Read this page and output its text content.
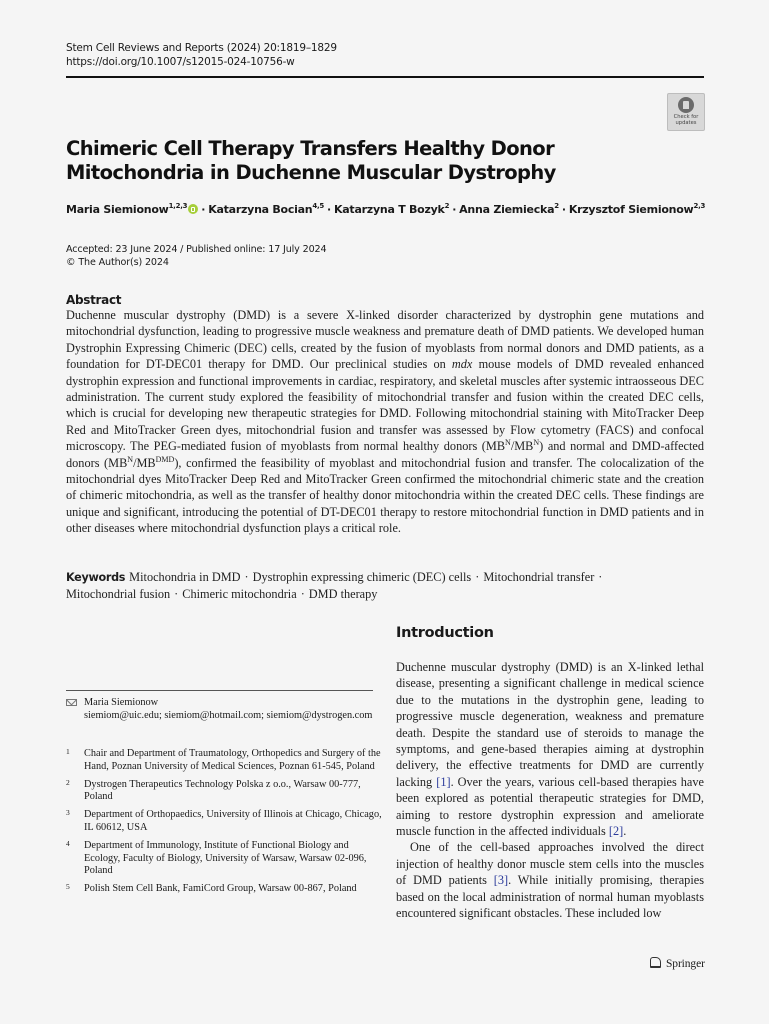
Stem Cell Reviews and Reports (2024) 20:1819–1829
https://doi.org/10.1007/s12015-024-10756-w
Check for
updates
Chimeric Cell Therapy Transfers Healthy Donor Mitochondria in Duchenne Muscular Dystrophy
Maria Siemionow$^{1,2,3}$ · Katarzyna Bocian$^{4,5}$ · Katarzyna T Bozyk$^2$ · Anna Ziemiecka$^2$ · Krzysztof Siemionow$^{2,3}$
Accepted: 23 June 2024 / Published online: 17 July 2024
© The Author(s) 2024
Abstract
Duchenne muscular dystrophy (DMD) is a severe X-linked disorder characterized by dystrophin gene mutations and mitochondrial dysfunction, leading to progressive muscle weakness and premature death of DMD patients. We developed human Dystrophin Expressing Chimeric (DEC) cells, created by the fusion of myoblasts from normal donors and DMD patients, as a foundation for DT-DEC01 therapy for DMD. Our preclinical studies on mdx mouse models of DMD revealed enhanced dystrophin expression and functional improvements in cardiac, respiratory, and skeletal muscles after systemic intraosseous DEC administration. The current study explored the feasibility of mitochondrial transfer and fusion within the created DEC cells, which is crucial for developing new therapeutic strategies for DMD. Following mitochondrial staining with MitoTracker Deep Red and MitoTracker Green dyes, mitochondrial fusion and transfer was assessed by Flow cytometry (FACS) and confocal microscopy. The PEG-mediated fusion of myoblasts from normal healthy donors $(MB^N/MB^N)$ and normal and DMD-affected donors $(MB^N/MB^{DMD})$, confirmed the feasibility of myoblast and mitochondrial fusion and transfer. The colocalization of the mitochondrial dyes MitoTracker Deep Red and MitoTracker Green confirmed the mitochondrial chimeric state and the creation of chimeric mitochondria, as well as the transfer of healthy donor mitochondria within the created DEC cells. These findings are unique and significant, introducing the potential of DT-DEC01 therapy to restore mitochondrial function in DMD patients and in other diseases where mitochondrial dysfunction plays a critical role.
Keywords Mitochondria in DMD · Dystrophin expressing chimeric (DEC) cells · Mitochondrial transfer ·
Mitochondrial fusion · Chimeric mitochondria · DMD therapy
Maria Siemionow
siemiom@uic.edu; siemiom@hotmail.com; siemiom@dystrogen.com
1 Chair and Department of Traumatology, Orthopedics and Surgery of the Hand, Poznan University of Medical Sciences, Poznan 61-545, Poland
2 Dystrogen Therapeutics Technology Polska z o.o., Warsaw 00-777, Poland
3 Department of Orthopaedics, University of Illinois at Chicago, Chicago, IL 60612, USA
4 Department of Immunology, Institute of Functional Biology and Ecology, Faculty of Biology, University of Warsaw, Warsaw 02-096, Poland
5 Polish Stem Cell Bank, FamiCord Group, Warsaw 00-867, Poland
Introduction

Duchenne muscular dystrophy (DMD) is an X-linked lethal disease, presenting a significant challenge in medical science due to the mutations in the dystrophin gene, leading to progressive muscle degeneration, weakness and premature death. Despite the standard use of steroids to manage the symptoms, and gene-based therapies aiming at dystrophin delivery, the effective treatments for DMD are currently lacking [1]. Over the years, various cell-based therapies have been explored as potential therapeutic strategies for DMD, aiming to restore dystrophin expression and ameliorate muscle function in the affected individuals [2].

One of the cell-based approaches involved the direct injection of healthy donor muscle stem cells into the muscles of DMD patients [3]. While initially promising, therapies based on the local administration of normal human myoblasts encountered significant obstacles. These included low

Springer
